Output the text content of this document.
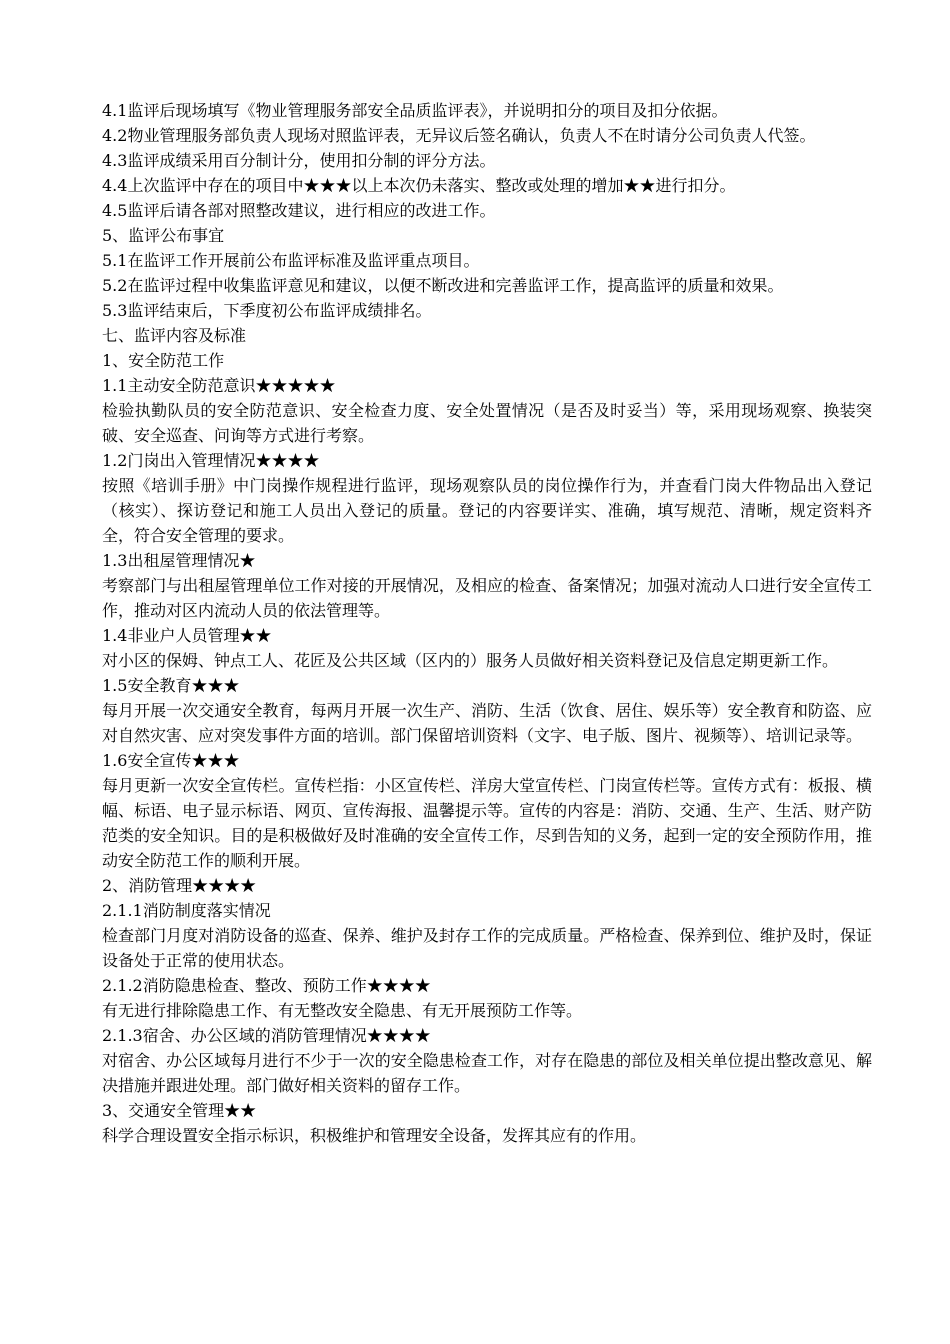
4.1监评后现场填写《物业管理服务部安全品质监评表》，并说明扣分的项目及扣分依据。

4.2物业管理服务部负责人现场对照监评表，无异议后签名确认，负责人不在时请分公司负责人代签。

4.3监评成绩采用百分制计分，使用扣分制的评分方法。

4.4上次监评中存在的项目中★★★以上本次仍未落实、整改或处理的增加★★进行扣分。

4.5监评后请各部对照整改建议，进行相应的改进工作。

5、监评公布事宜

5.1在监评工作开展前公布监评标准及监评重点项目。

5.2在监评过程中收集监评意见和建议，以便不断改进和完善监评工作，提高监评的质量和效果。

5.3监评结束后，下季度初公布监评成绩排名。

七、监评内容及标准

1、安全防范工作

1.1主动安全防范意识★★★★★

检验执勤队员的安全防范意识、安全检查力度、安全处置情况（是否及时妥当）等，采用现场观察、换装突破、安全巡查、问询等方式进行考察。

1.2门岗出入管理情况★★★★

按照《培训手册》中门岗操作规程进行监评，现场观察队员的岗位操作行为，并查看门岗大件物品出入登记（核实）、探访登记和施工人员出入登记的质量。登记的内容要详实、准确，填写规范、清晰，规定资料齐全，符合安全管理的要求。

1.3出租屋管理情况★

考察部门与出租屋管理单位工作对接的开展情况，及相应的检查、备案情况；加强对流动人口进行安全宣传工作，推动对区内流动人员的依法管理等。

1.4非业户人员管理★★

对小区的保姆、钟点工人、花匠及公共区域（区内的）服务人员做好相关资料登记及信息定期更新工作。

1.5安全教育★★★

每月开展一次交通安全教育，每两月开展一次生产、消防、生活（饮食、居住、娱乐等）安全教育和防盗、应对自然灾害、应对突发事件方面的培训。部门保留培训资料（文字、电子版、图片、视频等）、培训记录等。

1.6安全宣传★★★

每月更新一次安全宣传栏。宣传栏指：小区宣传栏、洋房大堂宣传栏、门岗宣传栏等。宣传方式有：板报、横幅、标语、电子显示标语、网页、宣传海报、温馨提示等。宣传的内容是：消防、交通、生产、生活、财产防范类的安全知识。目的是积极做好及时准确的安全宣传工作，尽到告知的义务，起到一定的安全预防作用，推动安全防范工作的顺利开展。

2、消防管理★★★★

2.1.1消防制度落实情况

检查部门月度对消防设备的巡查、保养、维护及封存工作的完成质量。严格检查、保养到位、维护及时，保证设备处于正常的使用状态。

2.1.2消防隐患检查、整改、预防工作★★★★

有无进行排除隐患工作、有无整改安全隐患、有无开展预防工作等。

2.1.3宿舍、办公区域的消防管理情况★★★★

对宿舍、办公区域每月进行不少于一次的安全隐患检查工作，对存在隐患的部位及相关单位提出整改意见、解决措施并跟进处理。部门做好相关资料的留存工作。

3、交通安全管理★★

科学合理设置安全指示标识，积极维护和管理安全设备，发挥其应有的作用。
